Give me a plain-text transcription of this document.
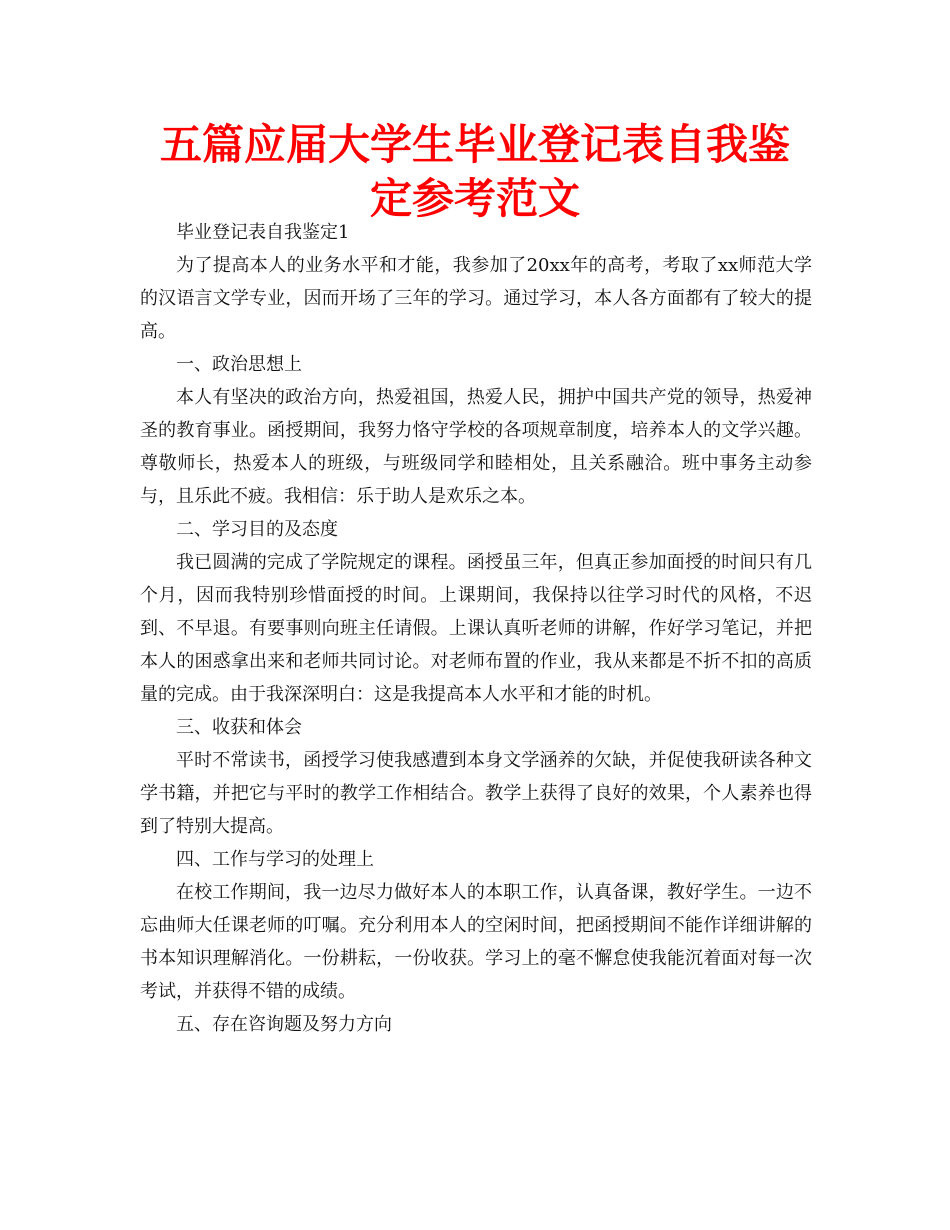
五篇应届大学生毕业登记表自我鉴定参考范文

毕业登记表自我鉴定1

为了提高本人的业务水平和才能，我参加了20xx年的高考，考取了xx师范大学的汉语言文学专业，因而开场了三年的学习。通过学习，本人各方面都有了较大的提高。

一、政治思想上

本人有坚决的政治方向，热爱祖国，热爱人民，拥护中国共产党的领导，热爱神圣的教育事业。函授期间，我努力恪守学校的各项规章制度，培养本人的文学兴趣。尊敬师长，热爱本人的班级，与班级同学和睦相处，且关系融洽。班中事务主动参与，且乐此不疲。我相信：乐于助人是欢乐之本。

二、学习目的及态度

我已圆满的完成了学院规定的课程。函授虽三年，但真正参加面授的时间只有几个月，因而我特别珍惜面授的时间。上课期间，我保持以往学习时代的风格，不迟到、不早退。有要事则向班主任请假。上课认真听老师的讲解，作好学习笔记，并把本人的困惑拿出来和老师共同讨论。对老师布置的作业，我从来都是不折不扣的高质量的完成。由于我深深明白：这是我提高本人水平和才能的时机。

三、收获和体会

平时不常读书，函授学习使我感遭到本身文学涵养的欠缺，并促使我研读各种文学书籍，并把它与平时的教学工作相结合。教学上获得了良好的效果，个人素养也得到了特别大提高。

四、工作与学习的处理上

在校工作期间，我一边尽力做好本人的本职工作，认真备课，教好学生。一边不忘曲师大任课老师的叮嘱。充分利用本人的空闲时间，把函授期间不能作详细讲解的书本知识理解消化。一份耕耘，一份收获。学习上的毫不懈怠使我能沉着面对每一次考试，并获得不错的成绩。

五、存在咨询题及努力方向
